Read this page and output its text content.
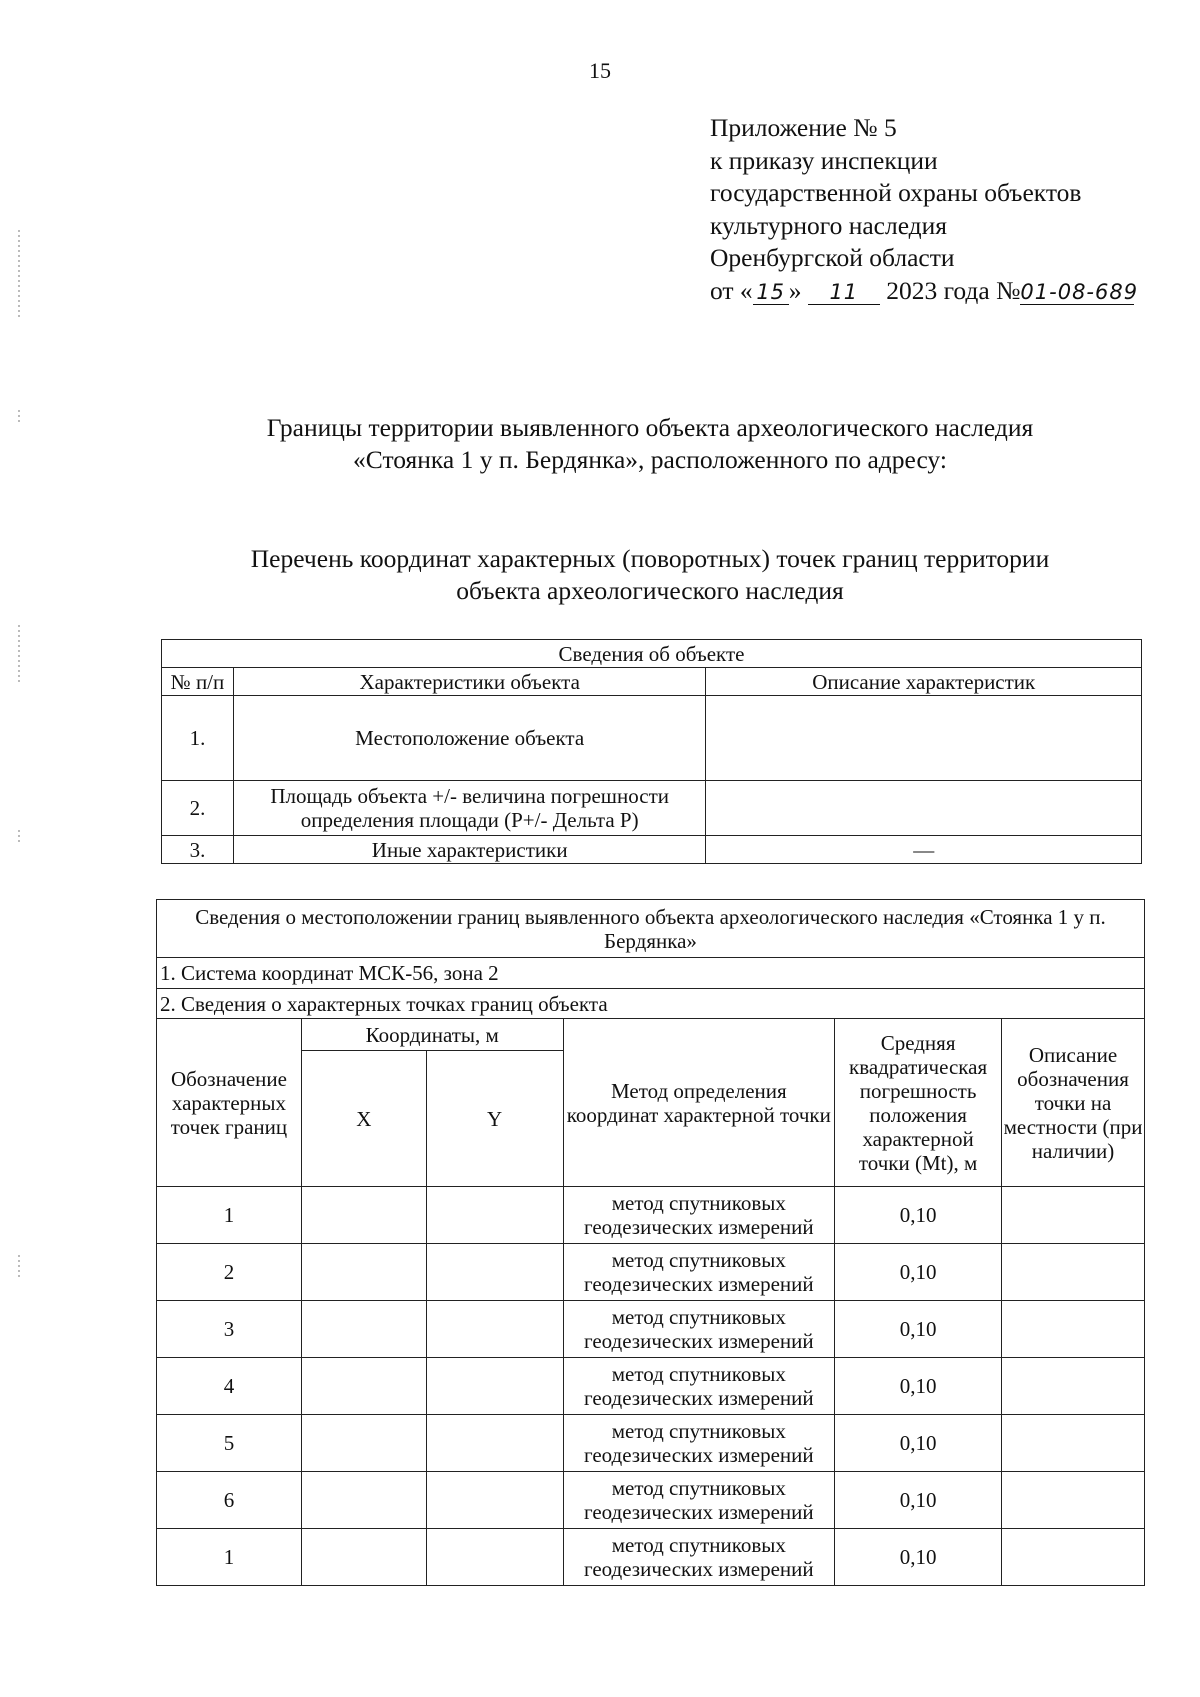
15
Приложение № 5
к приказу инспекции
государственной охраны объектов
культурного наследия
Оренбургской области
от « 15 » 11 2023 года №01-08-689
Границы территории выявленного объекта археологического наследия
«Стоянка 1 у п. Бердянка», расположенного по адресу:
Перечень координат характерных (поворотных) точек границ территории
объекта археологического наследия
Сведения об объекте		
№ п/п	Характеристики объекта	Описание характеристик
1.	Местоположение объекта	
2.	Площадь объекта +/- величина погрешности определения площади (P+/- Дельта P)	
3.	Иные характеристики	—
Сведения о местоположении границ выявленного объекта археологического наследия «Стоянка 1 у п. Бердянка»					
1. Система координат МСК-56, зона 2					
2. Сведения о характерных точках границ объекта					
Обозначение характерных точек границ	Координаты, м		Метод определения координат характерной точки	Средняя квадратическая погрешность положения характерной точки (Mt), м	Описание обозначения точки на местности (при наличии)
	X	Y			
1			метод спутниковых геодезических измерений	0,10	
2			метод спутниковых геодезических измерений	0,10	
3			метод спутниковых геодезических измерений	0,10	
4			метод спутниковых геодезических измерений	0,10	
5			метод спутниковых геодезических измерений	0,10	
6			метод спутниковых геодезических измерений	0,10	
1			метод спутниковых геодезических измерений	0,10	
